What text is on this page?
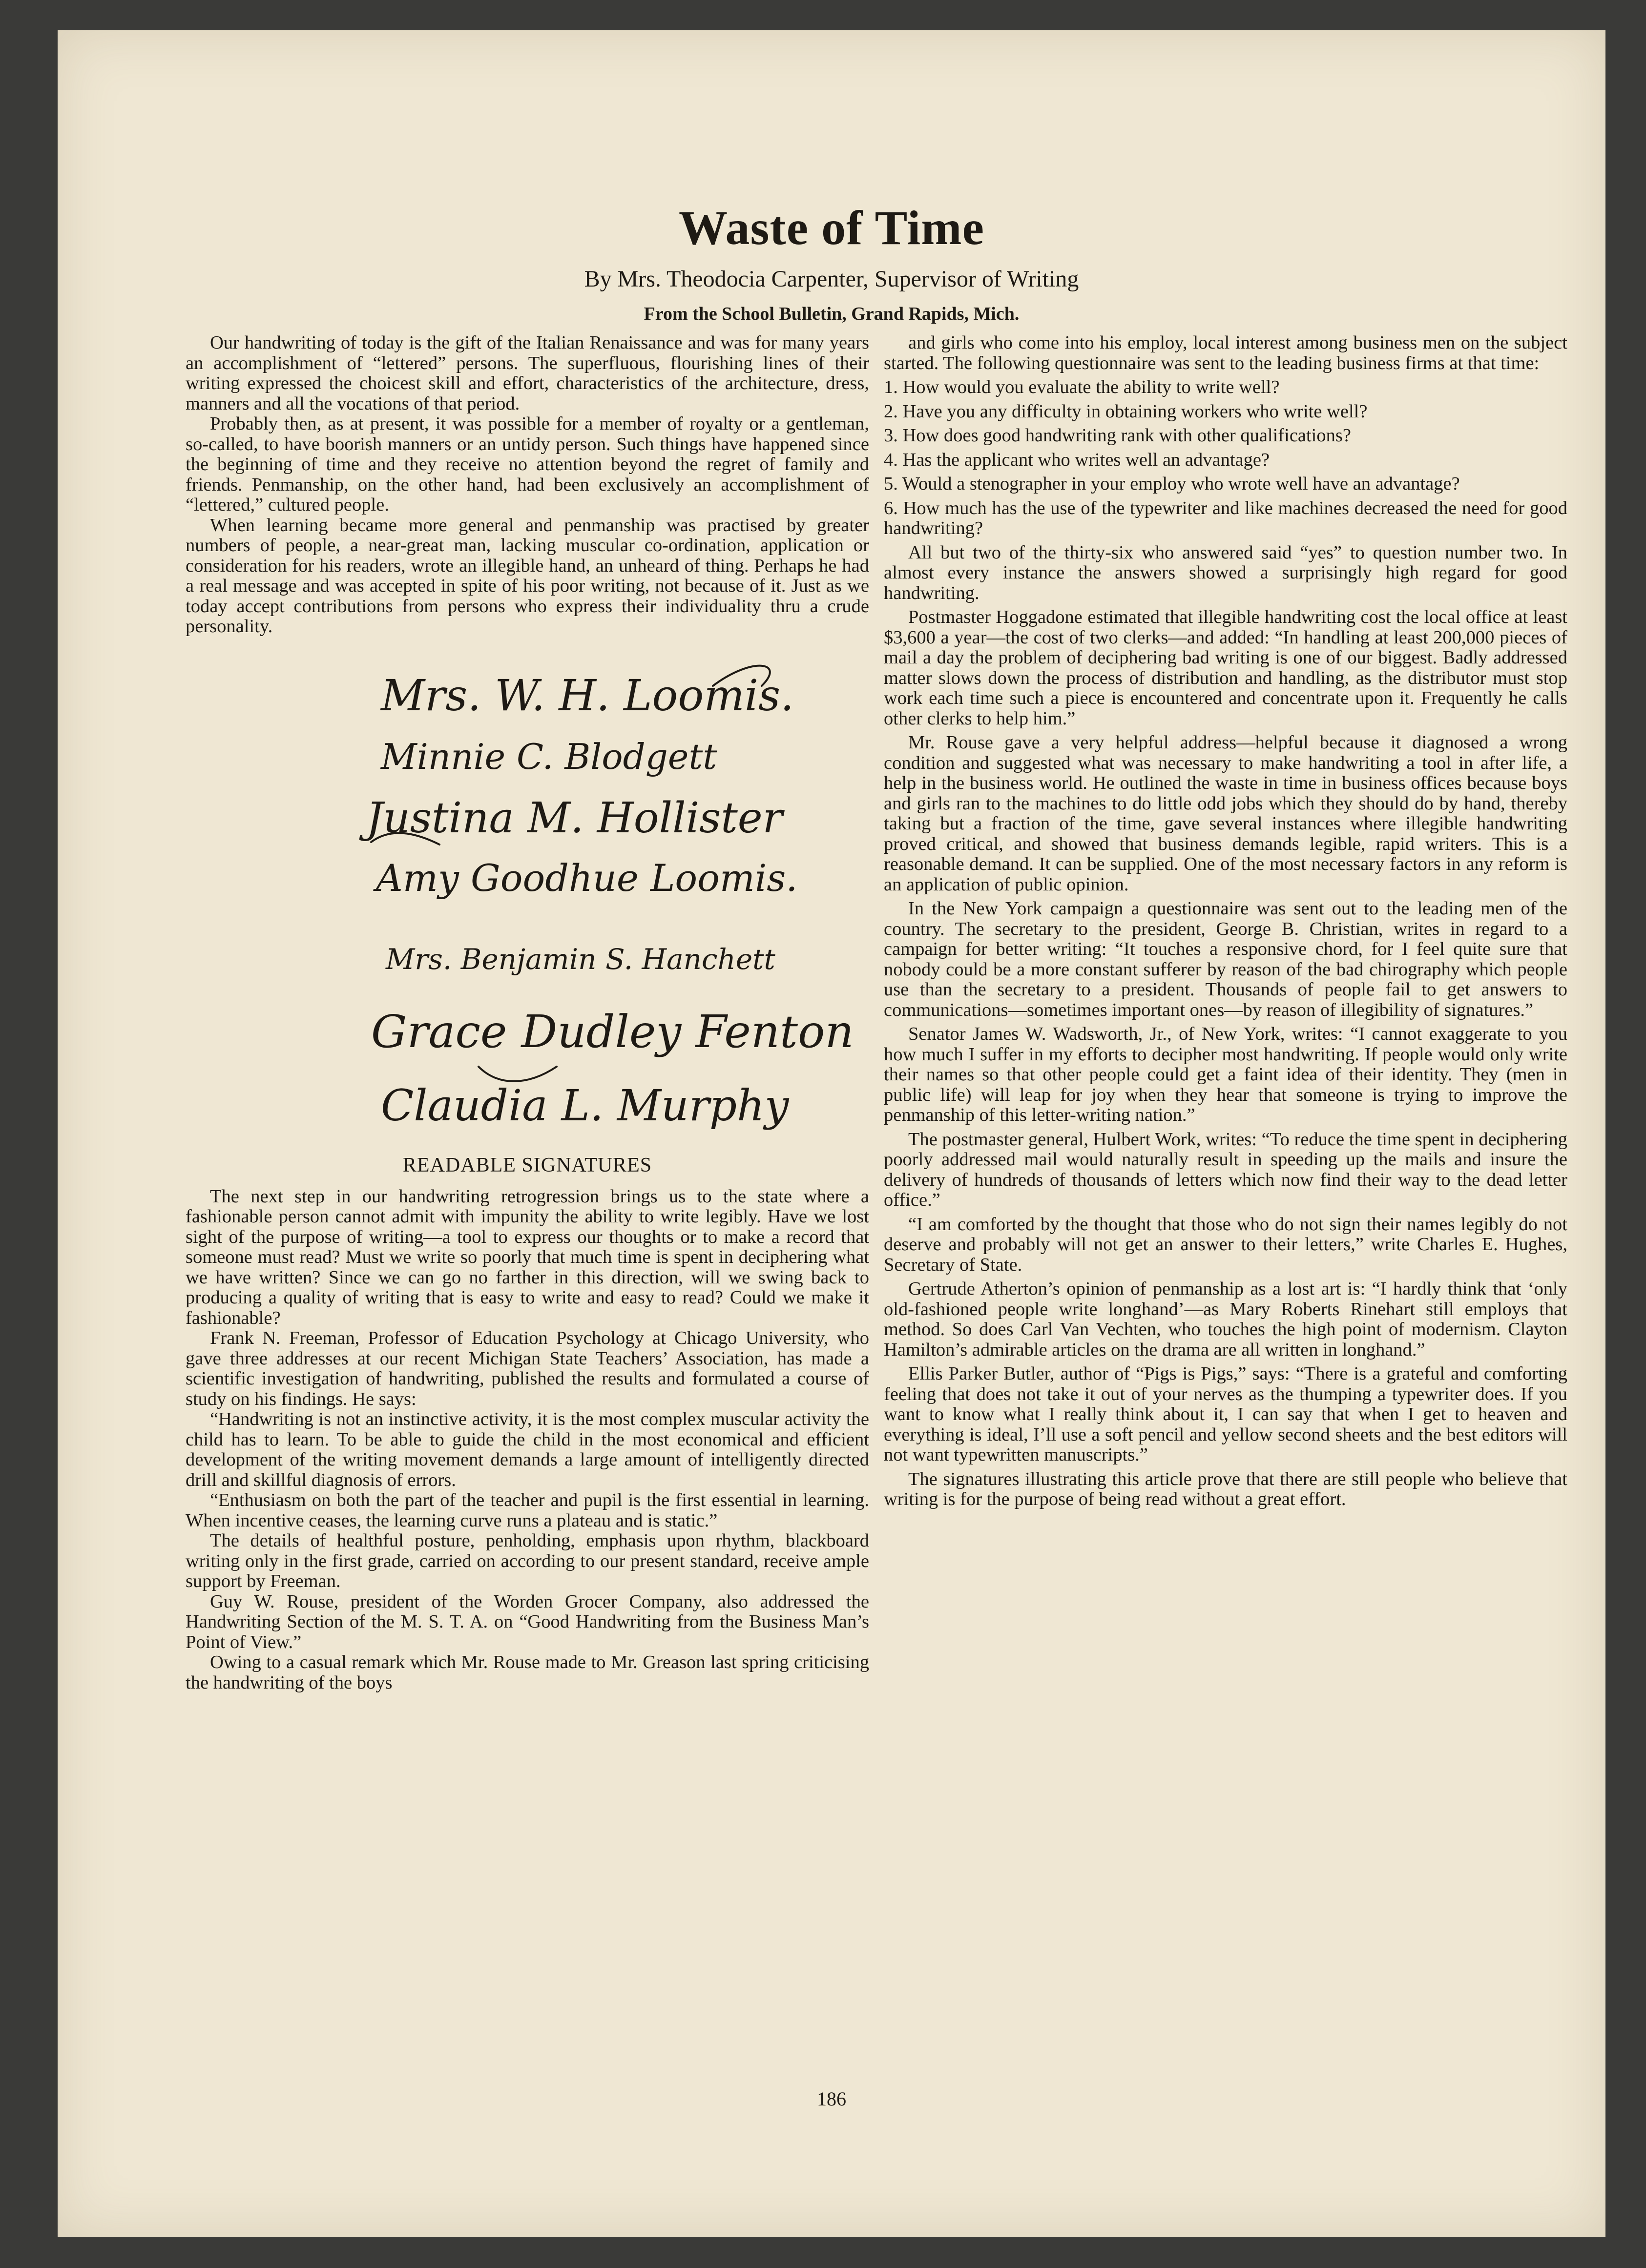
Waste of Time
By Mrs. Theodocia Carpenter, Supervisor of Writing
From the School Bulletin, Grand Rapids, Mich.

Our handwriting of today is the gift of the Italian Renaissance and was for many years an accomplishment of “lettered” persons. The superfluous, flourishing lines of their writing expressed the choicest skill and effort, characteristics of the architecture, dress, manners and all the vocations of that period.

Probably then, as at present, it was possible for a member of royalty or a gentleman, so-called, to have boorish manners or an untidy person. Such things have happened since the beginning of time and they receive no attention beyond the regret of family and friends. Penmanship, on the other hand, had been exclusively an accomplishment of “lettered,” cultured people.

When learning became more general and penmanship was practised by greater numbers of people, a near-great man, lacking muscular co-ordination, application or consideration for his readers, wrote an illegible hand, an unheard of thing. Perhaps he had a real message and was accepted in spite of his poor writing, not because of it. Just as we today accept contributions from persons who express their individuality thru a crude personality.

Mrs. W. H. Loomis.
Minnie C. Blodgett
Justina M. Hollister
Amy Goodhue Loomis.
Mrs. Benjamin S. Hanchett
Grace Dudley Fenton
Claudia L. Murphy

READABLE SIGNATURES

The next step in our handwriting retrogression brings us to the state where a fashionable person cannot admit with impunity the ability to write legibly. Have we lost sight of the purpose of writing—a tool to express our thoughts or to make a record that someone must read? Must we write so poorly that much time is spent in deciphering what we have written? Since we can go no farther in this direction, will we swing back to producing a quality of writing that is easy to write and easy to read? Could we make it fashionable?

Frank N. Freeman, Professor of Education Psychology at Chicago University, who gave three addresses at our recent Michigan State Teachers’ Association, has made a scientific investigation of handwriting, published the results and formulated a course of study on his findings. He says:

“Handwriting is not an instinctive activity, it is the most complex muscular activity the child has to learn. To be able to guide the child in the most economical and efficient development of the writing movement demands a large amount of intelligently directed drill and skillful diagnosis of errors.

“Enthusiasm on both the part of the teacher and pupil is the first essential in learning. When incentive ceases, the learning curve runs a plateau and is static.”

The details of healthful posture, penholding, emphasis upon rhythm, blackboard writing only in the first grade, carried on according to our present standard, receive ample support by Freeman.

Guy W. Rouse, president of the Worden Grocer Company, also addressed the Handwriting Section of the M. S. T. A. on “Good Handwriting from the Business Man’s Point of View.”

Owing to a casual remark which Mr. Rouse made to Mr. Greason last spring criticising the handwriting of the boys

and girls who come into his employ, local interest among business men on the subject started. The following questionnaire was sent to the leading business firms at that time:

1. How would you evaluate the ability to write well?

2. Have you any difficulty in obtaining workers who write well?

3. How does good handwriting rank with other qualifications?

4. Has the applicant who writes well an advantage?

5. Would a stenographer in your employ who wrote well have an advantage?

6. How much has the use of the typewriter and like machines decreased the need for good handwriting?

All but two of the thirty-six who answered said “yes” to question number two. In almost every instance the answers showed a surprisingly high regard for good handwriting.

Postmaster Hoggadone estimated that illegible handwriting cost the local office at least $3,600 a year—the cost of two clerks—and added: “In handling at least 200,000 pieces of mail a day the problem of deciphering bad writing is one of our biggest. Badly addressed matter slows down the process of distribution and handling, as the distributor must stop work each time such a piece is encountered and concentrate upon it. Frequently he calls other clerks to help him.”

Mr. Rouse gave a very helpful address—helpful because it diagnosed a wrong condition and suggested what was necessary to make handwriting a tool in after life, a help in the business world. He outlined the waste in time in business offices because boys and girls ran to the machines to do little odd jobs which they should do by hand, thereby taking but a fraction of the time, gave several instances where illegible handwriting proved critical, and showed that business demands legible, rapid writers. This is a reasonable demand. It can be supplied. One of the most necessary factors in any reform is an application of public opinion.

In the New York campaign a questionnaire was sent out to the leading men of the country. The secretary to the president, George B. Christian, writes in regard to a campaign for better writing: “It touches a responsive chord, for I feel quite sure that nobody could be a more constant sufferer by reason of the bad chirography which people use than the secretary to a president. Thousands of people fail to get answers to communications—sometimes important ones—by reason of illegibility of signatures.”

Senator James W. Wadsworth, Jr., of New York, writes: “I cannot exaggerate to you how much I suffer in my efforts to decipher most handwriting. If people would only write their names so that other people could get a faint idea of their identity. They (men in public life) will leap for joy when they hear that someone is trying to improve the penmanship of this letter-writing nation.”

The postmaster general, Hulbert Work, writes: “To reduce the time spent in deciphering poorly addressed mail would naturally result in speeding up the mails and insure the delivery of hundreds of thousands of letters which now find their way to the dead letter office.”

“I am comforted by the thought that those who do not sign their names legibly do not deserve and probably will not get an answer to their letters,” write Charles E. Hughes, Secretary of State.

Gertrude Atherton’s opinion of penmanship as a lost art is: “I hardly think that ‘only old-fashioned people write longhand’—as Mary Roberts Rinehart still employs that method. So does Carl Van Vechten, who touches the high point of modernism. Clayton Hamilton’s admirable articles on the drama are all written in longhand.”

Ellis Parker Butler, author of “Pigs is Pigs,” says: “There is a grateful and comforting feeling that does not take it out of your nerves as the thumping a typewriter does. If you want to know what I really think about it, I can say that when I get to heaven and everything is ideal, I’ll use a soft pencil and yellow second sheets and the best editors will not want typewritten manuscripts.”

The signatures illustrating this article prove that there are still people who believe that writing is for the purpose of being read without a great effort.

186
